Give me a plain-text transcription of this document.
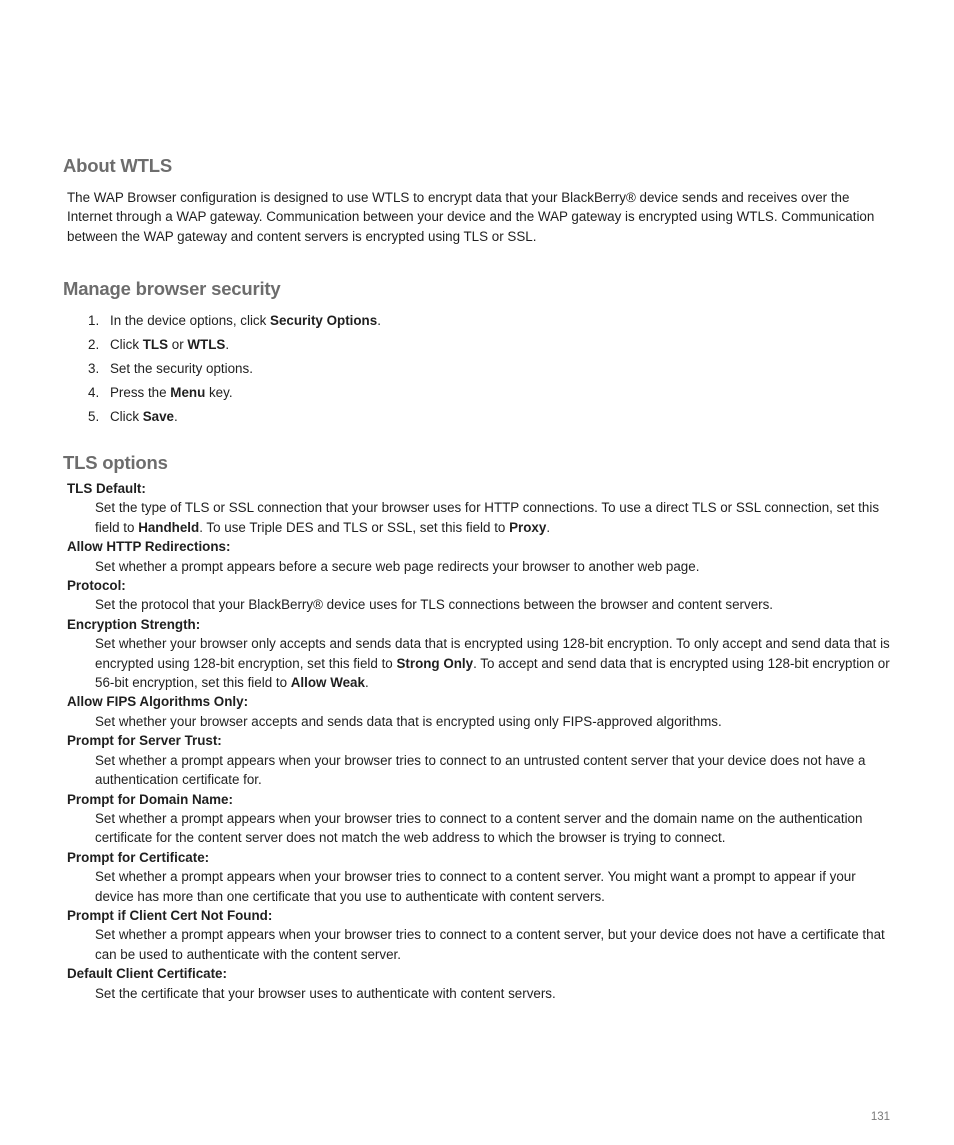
About WTLS

The WAP Browser configuration is designed to use WTLS to encrypt data that your BlackBerry® device sends and receives over the Internet through a WAP gateway. Communication between your device and the WAP gateway is encrypted using WTLS. Communication between the WAP gateway and content servers is encrypted using TLS or SSL.

Manage browser security
1. In the device options, click Security Options.
2. Click TLS or WTLS.
3. Set the security options.
4. Press the Menu key.
5. Click Save.
TLS options

TLS Default:

Set the type of TLS or SSL connection that your browser uses for HTTP connections. To use a direct TLS or SSL connection, set this field to Handheld. To use Triple DES and TLS or SSL, set this field to Proxy.

Allow HTTP Redirections:

Set whether a prompt appears before a secure web page redirects your browser to another web page.

Protocol:

Set the protocol that your BlackBerry® device uses for TLS connections between the browser and content servers.

Encryption Strength:

Set whether your browser only accepts and sends data that is encrypted using 128-bit encryption. To only accept and send data that is encrypted using 128-bit encryption, set this field to Strong Only. To accept and send data that is encrypted using 128-bit encryption or 56-bit encryption, set this field to Allow Weak.

Allow FIPS Algorithms Only:

Set whether your browser accepts and sends data that is encrypted using only FIPS-approved algorithms.

Prompt for Server Trust:

Set whether a prompt appears when your browser tries to connect to an untrusted content server that your device does not have a authentication certificate for.

Prompt for Domain Name:

Set whether a prompt appears when your browser tries to connect to a content server and the domain name on the authentication certificate for the content server does not match the web address to which the browser is trying to connect.

Prompt for Certificate:

Set whether a prompt appears when your browser tries to connect to a content server. You might want a prompt to appear if your device has more than one certificate that you use to authenticate with content servers.

Prompt if Client Cert Not Found:

Set whether a prompt appears when your browser tries to connect to a content server, but your device does not have a certificate that can be used to authenticate with the content server.

Default Client Certificate:

Set the certificate that your browser uses to authenticate with content servers.

131
